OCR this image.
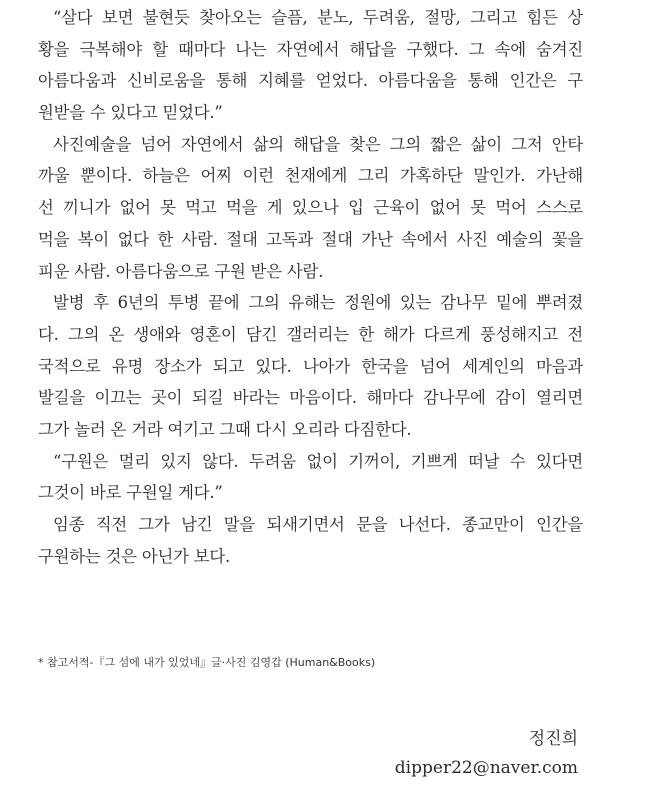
“살다 보면 불현듯 찾아오는 슬픔, 분노, 두려움, 절망, 그리고 힘든 상
황을 극복해야 할 때마다 나는 자연에서 해답을 구했다. 그 속에 숨겨진
아름다움과 신비로움을 통해 지혜를 얻었다. 아름다움을 통해 인간은 구
원받을 수 있다고 믿었다.”
사진예술을 넘어 자연에서 삶의 해답을 찾은 그의 짧은 삶이 그저 안타
까울 뿐이다. 하늘은 어찌 이런 천재에게 그리 가혹하단 말인가. 가난해
선 끼니가 없어 못 먹고 먹을 게 있으나 입 근육이 없어 못 먹어 스스로
먹을 복이 없다 한 사람. 절대 고독과 절대 가난 속에서 사진 예술의 꽃을
피운 사람. 아름다움으로 구원 받은 사람.
발병 후 6년의 투병 끝에 그의 유해는 정원에 있는 감나무 밑에 뿌려졌
다. 그의 온 생애와 영혼이 담긴 갤러리는 한 해가 다르게 풍성해지고 전
국적으로 유명 장소가 되고 있다. 나아가 한국을 넘어 세계인의 마음과
발길을 이끄는 곳이 되길 바라는 마음이다. 해마다 감나무에 감이 열리면
그가 놀러 온 거라 여기고 그때 다시 오리라 다짐한다.
“구원은 멀리 있지 않다. 두려움 없이 기꺼이, 기쁘게 떠날 수 있다면
그것이 바로 구원일 게다.”
임종 직전 그가 남긴 말을 되새기면서 문을 나선다. 종교만이 인간을
구원하는 것은 아닌가 보다.
* 참고서적-『그 섬에 내가 있었네』글·사진 김영갑 (Human&Books)
정진희
dipper22@naver.com
